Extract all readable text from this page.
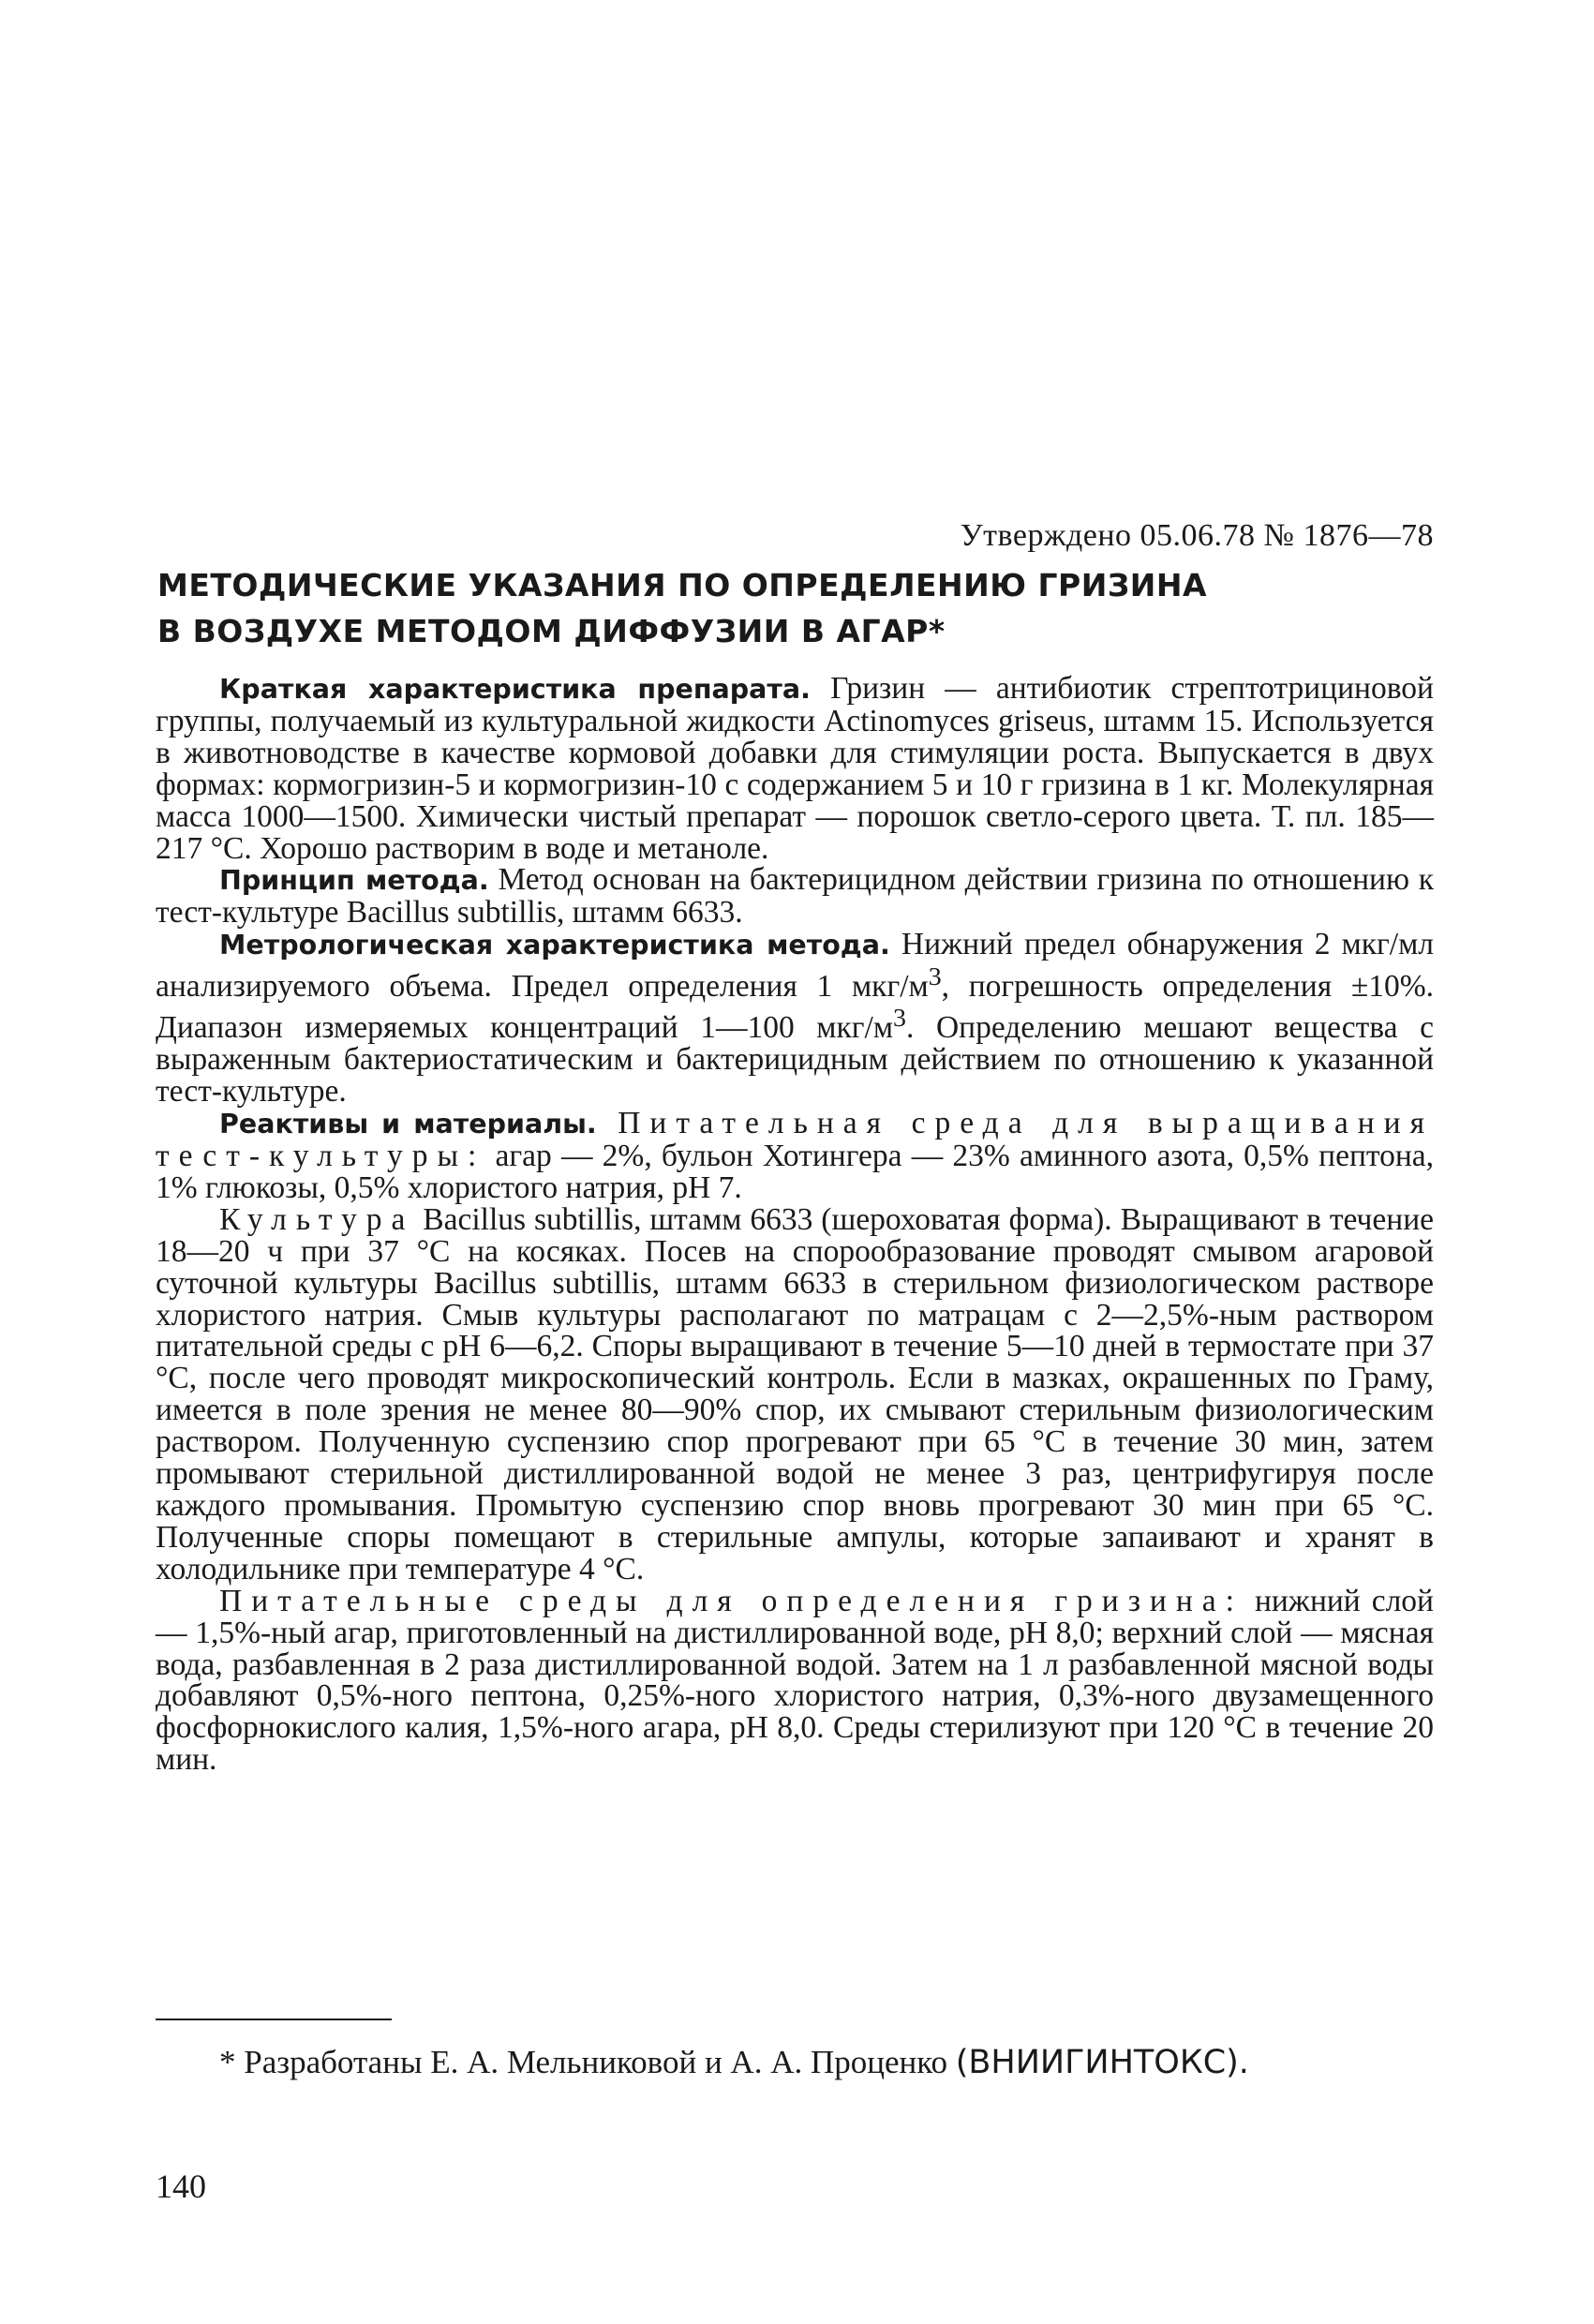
Утверждено 05.06.78 № 1876—78
МЕТОДИЧЕСКИЕ УКАЗАНИЯ ПО ОПРЕДЕЛЕНИЮ ГРИЗИНА
В ВОЗДУХЕ МЕТОДОМ ДИФФУЗИИ В АГАР*

Краткая характеристика препарата. Гризин — антибиотик стрептотрициновой группы, получаемый из культуральной жидкости Actinomyces griseus, штамм 15. Используется в животноводстве в качестве кормовой добавки для стимуляции роста. Выпускается в двух формах: кормогризин-5 и кормогризин-10 с содержанием 5 и 10 г гризина в 1 кг. Молекулярная масса 1000—1500. Химически чистый препарат — порошок светло-серого цвета. Т. пл. 185—217 °С. Хорошо растворим в воде и метаноле.

Принцип метода. Метод основан на бактерицидном действии гризина по отношению к тест-культуре Bacillus subtillis, штамм 6633.

Метрологическая характеристика метода. Нижний предел обнаружения 2 мкг/мл анализируемого объема. Предел определения 1 мкг/$м^3$, погрешность определения ±10%. Диапазон измеряемых концентраций 1—100 мкг/$м^3$. Определению мешают вещества с выраженным бактериостатическим и бактерицидным действием по отношению к указанной тест-культуре.

Реактивы и материалы. Питательная среда для выращивания тест-культуры: агар — 2%, бульон Хотингера — 23% аминного азота, 0,5% пептона, 1% глюкозы, 0,5% хлористого натрия, pH 7.

Культура Bacillus subtillis, штамм 6633 (шероховатая форма). Выращивают в течение 18—20 ч при 37 °С на косяках. Посев на спорообразование проводят смывом агаровой суточной культуры Bacillus subtillis, штамм 6633 в стерильном физиологическом растворе хлористого натрия. Смыв культуры располагают по матрацам с 2—2,5%-ным раствором питательной среды с pH 6—6,2. Споры выращивают в течение 5—10 дней в термостате при 37 °С, после чего проводят микроскопический контроль. Если в мазках, окрашенных по Граму, имеется в поле зрения не менее 80—90% спор, их смывают стерильным физиологическим раствором. Полученную суспензию спор прогревают при 65 °С в течение 30 мин, затем промывают стерильной дистиллированной водой не менее 3 раз, центрифугируя после каждого промывания. Промытую суспензию спор вновь прогревают 30 мин при 65 °С. Полученные споры помещают в стерильные ампулы, которые запаивают и хранят в холодильнике при температуре 4 °С.

Питательные среды для определения гризина: нижний слой — 1,5%-ный агар, приготовленный на дистиллированной воде, pH 8,0; верхний слой — мясная вода, разбавленная в 2 раза дистиллированной водой. Затем на 1 л разбавленной мясной воды добавляют 0,5%-ного пептона, 0,25%-ного хлористого натрия, 0,3%-ного двузамещенного фосфорнокислого калия, 1,5%-ного агара, pH 8,0. Среды стерилизуют при 120 °С в течение 20 мин.

* Разработаны Е. А. Мельниковой и А. А. Проценко (ВНИИГИНТОКС).
140
